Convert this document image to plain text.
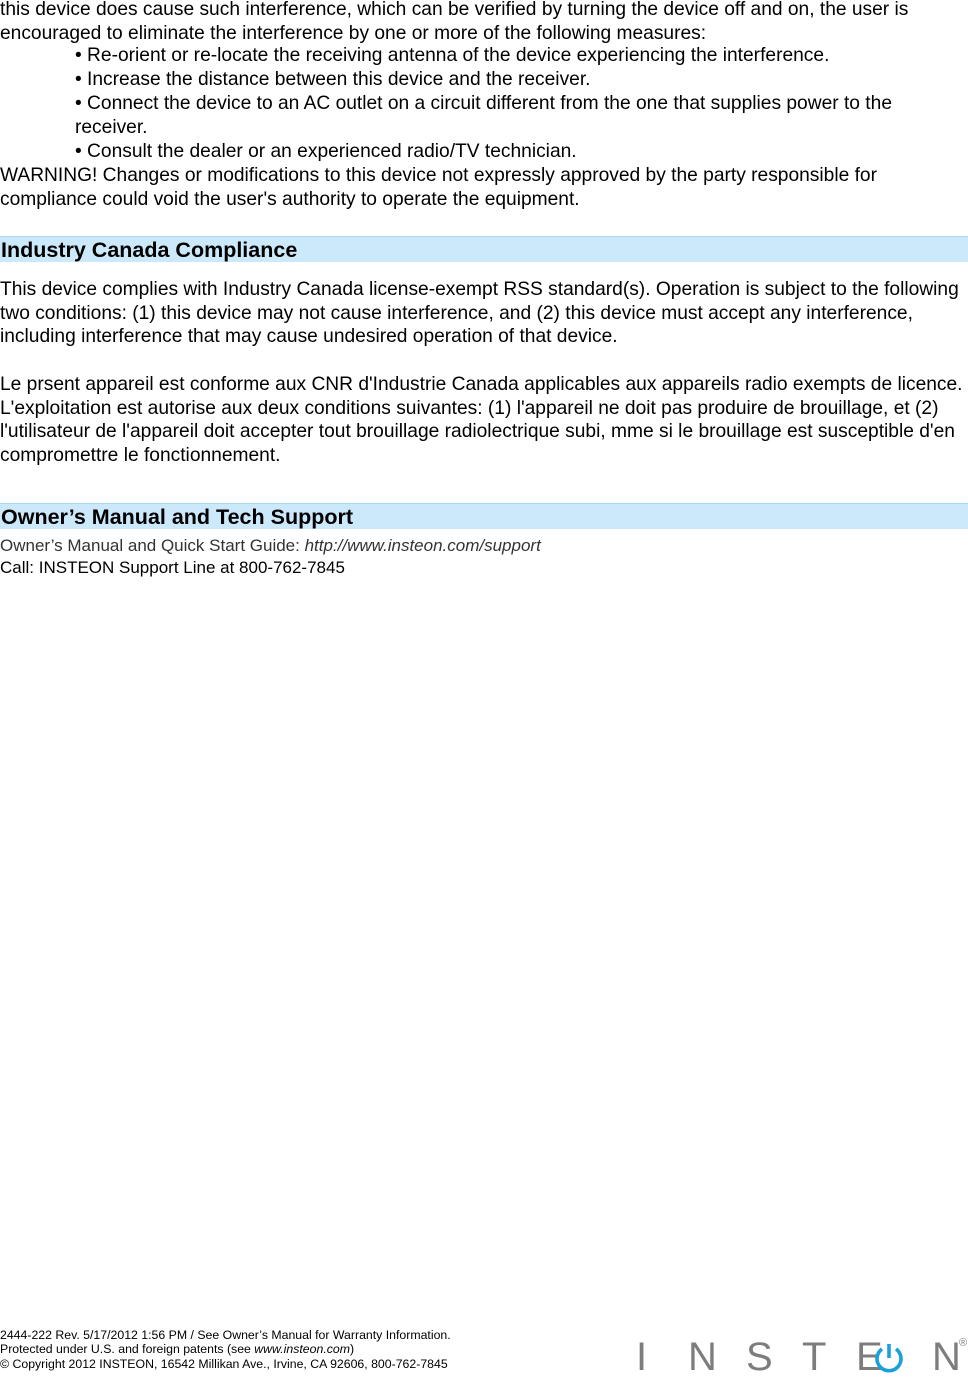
this device does cause such interference, which can be verified by turning the device off and on, the user is encouraged to eliminate the interference by one or more of the following measures:

• Re-orient or re-locate the receiving antenna of the device experiencing the interference.

• Increase the distance between this device and the receiver.

• Connect the device to an AC outlet on a circuit different from the one that supplies power to the receiver.

• Consult the dealer or an experienced radio/TV technician.

WARNING! Changes or modifications to this device not expressly approved by the party responsible for compliance could void the user's authority to operate the equipment.

Industry Canada Compliance

This device complies with Industry Canada license-exempt RSS standard(s). Operation is subject to the following two conditions: (1) this device may not cause interference, and (2) this device must accept any interference, including interference that may cause undesired operation of that device.

Le prsent appareil est conforme aux CNR d'Industrie Canada applicables aux appareils radio exempts de licence. L'exploitation est autorise aux deux conditions suivantes: (1) l'appareil ne doit pas produire de brouillage, et (2) l'utilisateur de l'appareil doit accepter tout brouillage radiolectrique subi, mme si le brouillage est susceptible d'en compromettre le fonctionnement.

Owner’s Manual and Tech Support

Owner’s Manual and Quick Start Guide: http://www.insteon.com/support

Call: INSTEON Support Line at 800-762-7845

2444-222 Rev. 5/17/2012 1:56 PM / See Owner’s Manual for Warranty Information.

Protected under U.S. and foreign patents (see www.insteon.com)

© Copyright 2012 INSTEON, 16542 Millikan Ave., Irvine, CA 92606, 800-762-7845	I N S T E N
®
